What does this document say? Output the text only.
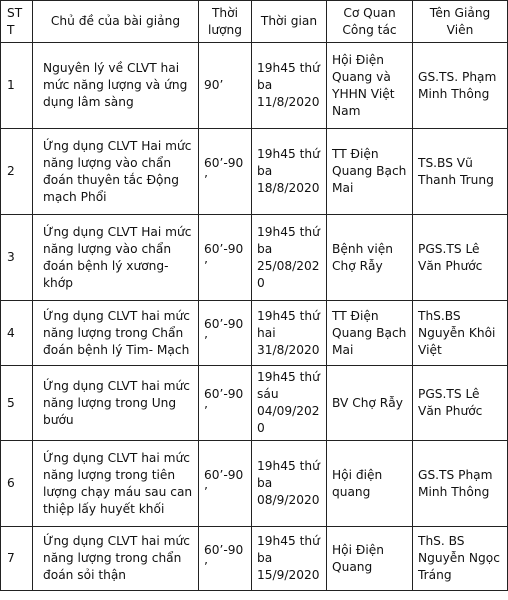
STT	Chủ đề của bài giảng	Thời lượng	Thời gian	Cơ Quan Công tác	Tên Giảng Viên
1	Nguyên lý về CLVT hai mức năng lượng và ứng dụng lâm sàng	90’	19h45 thứ ba 11/8/2020	Hội Điện Quang và YHHN Việt Nam	GS.TS. Phạm Minh Thông
2	Ứng dụng CLVT Hai mức năng lượng vào chẩn đoán thuyên tắc Động mạch Phổi	60’-90’	19h45 thứ ba 18/8/2020	TT Điện Quang Bạch Mai	TS.BS Vũ Thanh Trung
3	Ứng dụng CLVT Hai mức năng lượng vào chẩn đoán bệnh lý xương-khớp	60’-90’	19h45 thứ ba 25/08/2020	Bệnh viện Chợ Rẫy	PGS.TS Lê Văn Phước
4	Ứng dụng CLVT hai mức năng lượng trong Chẩn đoán bệnh lý Tim- Mạch	60’-90’	19h45 thứ hai 31/8/2020	TT Điện Quang Bạch Mai	ThS.BS Nguyễn Khôi Việt
5	Ứng dụng CLVT hai mức năng lượng trong Ung bướu	60’-90’	19h45 thứ sáu 04/09/2020	BV Chợ Rẫy	PGS.TS Lê Văn Phước
6	Ứng dụng CLVT hai mức năng lượng trong tiên lượng chạy máu sau can thiệp lấy huyết khối	60’-90’	19h45 thứ ba 08/9/2020	Hội điện quang	GS.TS Phạm Minh Thông
7	Ứng dụng CLVT hai mức năng lượng trong chẩn đoán sỏi thận	60’-90’	19h45 thứ ba 15/9/2020	Hội Điện Quang	ThS. BS Nguyễn Ngọc Tráng
